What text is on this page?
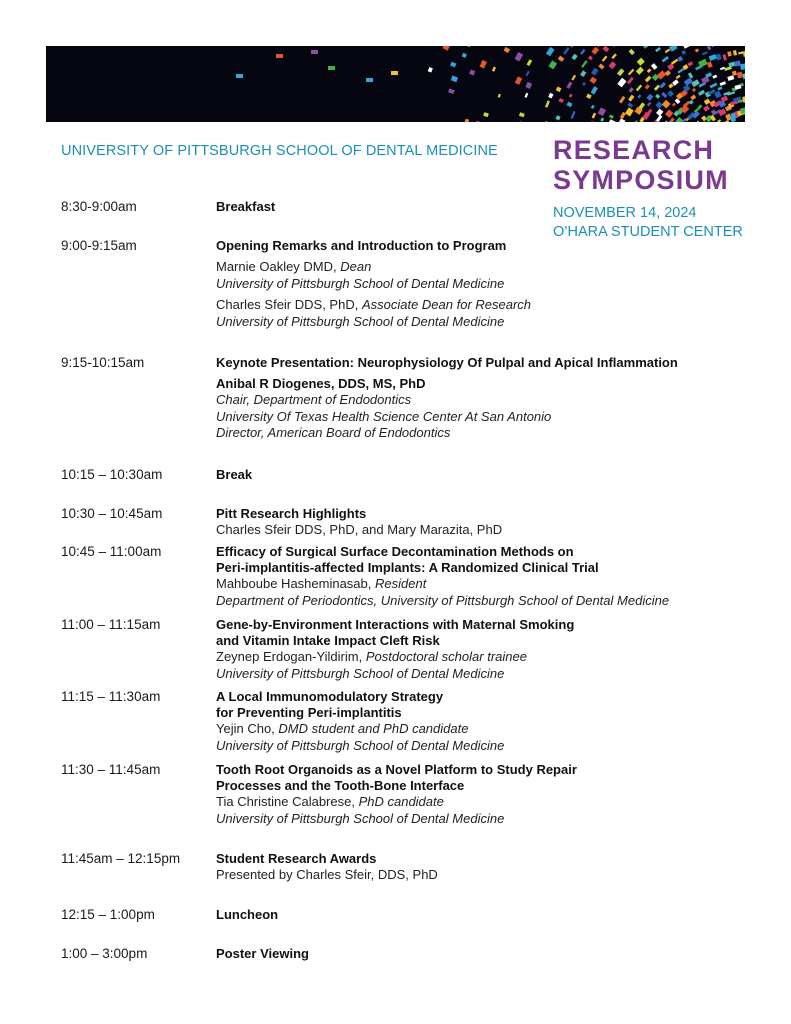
UNIVERSITY OF PITTSBURGH SCHOOL OF DENTAL MEDICINE RESEARCH
SYMPOSIUM
NOVEMBER 14, 2024
O’HARA STUDENT CENTER
8:30-9:00am	Breakfast
9:00-9:15am	Opening Remarks and Introduction to Program
Marnie Oakley DMD, Dean
University of Pittsburgh School of Dental Medicine
Charles Sfeir DDS, PhD, Associate Dean for Research
University of Pittsburgh School of Dental Medicine
9:15-10:15am	Keynote Presentation: Neurophysiology Of Pulpal and Apical Inflammation
Anibal R Diogenes, DDS, MS, PhD
Chair, Department of Endodontics
University Of Texas Health Science Center At San Antonio
Director, American Board of Endodontics
10:15 – 10:30am	Break
10:30 – 10:45am	Pitt Research Highlights
Charles Sfeir DDS, PhD, and Mary Marazita, PhD
10:45 – 11:00am	Efficacy of Surgical Surface Decontamination Methods on
Peri-implantitis-affected Implants: A Randomized Clinical Trial
Mahboube Hasheminasab, Resident
Department of Periodontics, University of Pittsburgh School of Dental Medicine
11:00 – 11:15am	Gene-by-Environment Interactions with Maternal Smoking
and Vitamin Intake Impact Cleft Risk
Zeynep Erdogan-Yildirim, Postdoctoral scholar trainee
University of Pittsburgh School of Dental Medicine
11:15 – 11:30am	A Local Immunomodulatory Strategy
for Preventing Peri-implantitis
Yejin Cho, DMD student and PhD candidate
University of Pittsburgh School of Dental Medicine
11:30 – 11:45am	Tooth Root Organoids as a Novel Platform to Study Repair
Processes and the Tooth-Bone Interface
Tia Christine Calabrese, PhD candidate
University of Pittsburgh School of Dental Medicine
11:45am – 12:15pm	Student Research Awards
Presented by Charles Sfeir, DDS, PhD
12:15 – 1:00pm	Luncheon
1:00 – 3:00pm	Poster Viewing
